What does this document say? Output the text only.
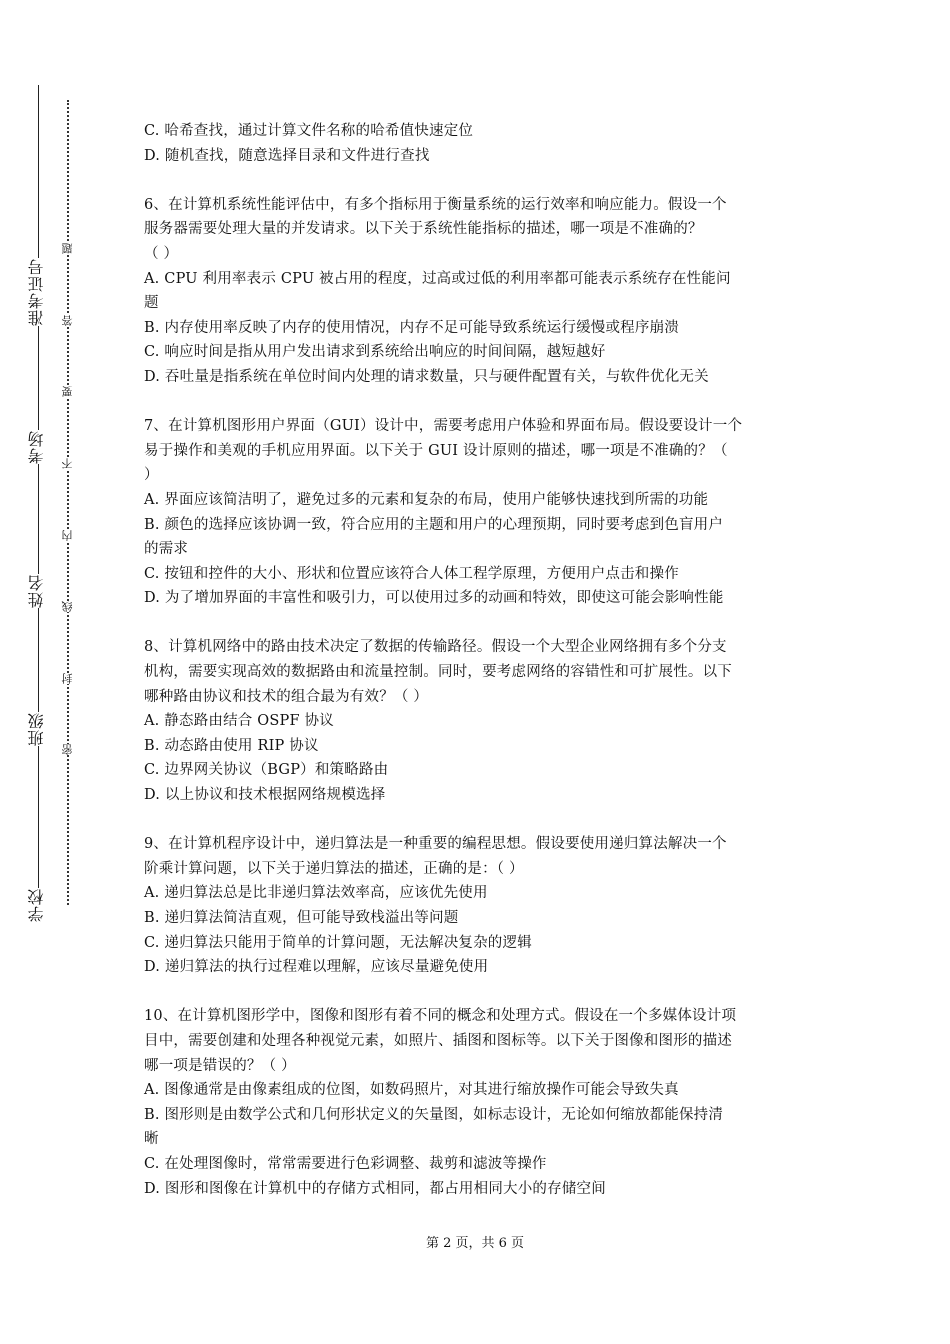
准考证号
考场
姓名
班级
学校
题
答
要
不
内
线
封
密
C. 哈希查找，通过计算文件名称的哈希值快速定位
D. 随机查找，随意选择目录和文件进行查找
6、在计算机系统性能评估中，有多个指标用于衡量系统的运行效率和响应能力。假设一个
服务器需要处理大量的并发请求。以下关于系统性能指标的描述，哪一项是不准确的？
（ ）
A. CPU 利用率表示 CPU 被占用的程度，过高或过低的利用率都可能表示系统存在性能问
题
B. 内存使用率反映了内存的使用情况，内存不足可能导致系统运行缓慢或程序崩溃
C. 响应时间是指从用户发出请求到系统给出响应的时间间隔，越短越好
D. 吞吐量是指系统在单位时间内处理的请求数量，只与硬件配置有关，与软件优化无关
7、在计算机图形用户界面（GUI）设计中，需要考虑用户体验和界面布局。假设要设计一个
易于操作和美观的手机应用界面。以下关于 GUI 设计原则的描述，哪一项是不准确的？（
）
A. 界面应该简洁明了，避免过多的元素和复杂的布局，使用户能够快速找到所需的功能
B. 颜色的选择应该协调一致，符合应用的主题和用户的心理预期，同时要考虑到色盲用户
的需求
C. 按钮和控件的大小、形状和位置应该符合人体工程学原理，方便用户点击和操作
D. 为了增加界面的丰富性和吸引力，可以使用过多的动画和特效，即使这可能会影响性能
8、计算机网络中的路由技术决定了数据的传输路径。假设一个大型企业网络拥有多个分支
机构，需要实现高效的数据路由和流量控制。同时，要考虑网络的容错性和可扩展性。以下
哪种路由协议和技术的组合最为有效？（ ）
A. 静态路由结合 OSPF 协议
B. 动态路由使用 RIP 协议
C. 边界网关协议（BGP）和策略路由
D. 以上协议和技术根据网络规模选择
9、在计算机程序设计中，递归算法是一种重要的编程思想。假设要使用递归算法解决一个
阶乘计算问题，以下关于递归算法的描述，正确的是：（ ）
A. 递归算法总是比非递归算法效率高，应该优先使用
B. 递归算法简洁直观，但可能导致栈溢出等问题
C. 递归算法只能用于简单的计算问题，无法解决复杂的逻辑
D. 递归算法的执行过程难以理解，应该尽量避免使用
10、在计算机图形学中，图像和图形有着不同的概念和处理方式。假设在一个多媒体设计项
目中，需要创建和处理各种视觉元素，如照片、插图和图标等。以下关于图像和图形的描述
哪一项是错误的？（ ）
A. 图像通常是由像素组成的位图，如数码照片，对其进行缩放操作可能会导致失真
B. 图形则是由数学公式和几何形状定义的矢量图，如标志设计，无论如何缩放都能保持清
晰
C. 在处理图像时，常常需要进行色彩调整、裁剪和滤波等操作
D. 图形和图像在计算机中的存储方式相同，都占用相同大小的存储空间
第 2 页，共 6 页
